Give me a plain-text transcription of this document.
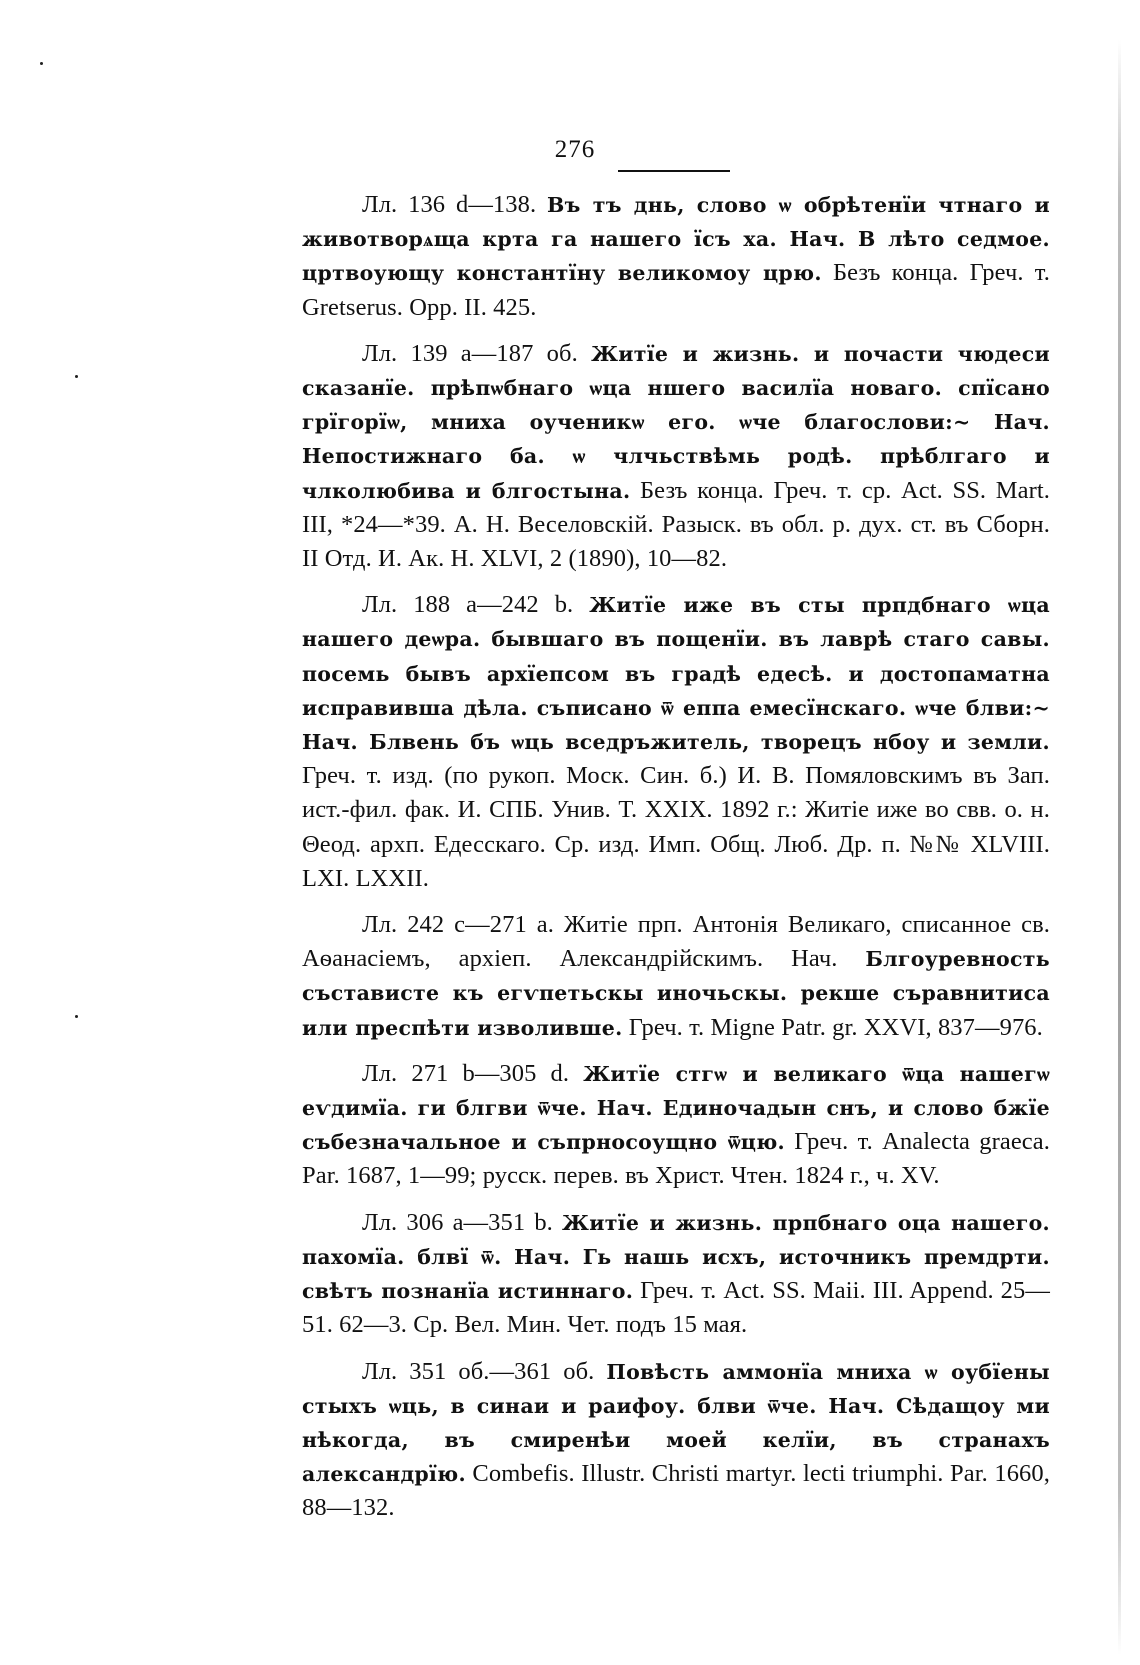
276

Лл. 136 d—138. Въ тъ днь, слово ѡ обрѣтенїи чтнаго и животворѧща крта га нашего їсъ ха. Нач. В лѣто седмое. цртвоующу константїну великомоу црю. Безъ конца. Греч. т. Gretserus. Opp. II. 425.

Лл. 139 а—187 об. Житїе и жизнь. и почасти чюдеси сказанїе. прѣпѡбнаго ѡца ншего василїа новаго. спїсано грїгорїѡ, мниха оученикѡ его. ѡче благослови:~ Нач. Непостижнаго ба. ѡ члчьствѣмь родѣ. прѣблгаго и члколюбива и блгостына. Безъ конца. Греч. т. ср. Act. SS. Mart. III, *24—*39. А. Н. Веселовскій. Разыск. въ обл. р. дух. ст. въ Сборн. II Отд. И. Ак. Н. XLVI, 2 (1890), 10—82.

Лл. 188 а—242 b. Житїе иже въ сты прпдбнаго ѡца нашего деѡра. бывшаго въ пощенїи. въ лаврѣ стаго савы. посемь бывъ архїепсом въ градѣ едесѣ. и достопаматна исправивша дѣла. съписано ѿ еппа емесїнскаго. ѡче блви:~ Нач. Блвень бъ ѡць вседръжитель, творецъ нбоу и земли. Греч. т. изд. (по рукоп. Моск. Син. б.) И. В. Помяловскимъ въ Зап. ист.-фил. фак. И. СПБ. Унив. Т. XXIX. 1892 г.: Житіе иже во свв. о. н. Θеод. архп. Едесскаго. Ср. изд. Имп. Общ. Люб. Др. п. №№ XLVIII. LXI. LXXII.

Лл. 242 с—271 а. Житіе прп. Антонія Великаго, списанное св. Аѳанасіемъ, архіеп. Александрійскимъ. Нач. Блгоуревность състависте къ егѵпетьскы иночьскы. рекше съравнитиса или преспѣти изволивше. Греч. т. Migne Patr. gr. XXVI, 837—976.

Лл. 271 b—305 d. Житїе стгѡ и великаго ѿца нашегѡ еѵдимїа. ги блгви ѿче. Нач. Единочадын снъ, и слово бжїе събезначальное и съпрносоущно ѿцю. Греч. т. Analecta graeca. Par. 1687, 1—99; русск. перев. въ Христ. Чтен. 1824 г., ч. XV.

Лл. 306 а—351 b. Житїе и жизнь. прпбнаго оца нашего. пахомїа. блвї ѿ. Нач. Гь нашь исхъ, источникъ премдрти. свѣтъ познанїа истиннаго. Греч. т. Act. SS. Maii. III. Append. 25—51. 62—3. Ср. Вел. Мин. Чет. подъ 15 мая.

Лл. 351 об.—361 об. Повѣсть аммонїа мниха ѡ оубїены стыхъ ѡць, в синаи и раифоу. блви ѿче. Нач. Сѣдащоу ми нѣкогда, въ смиренѣи моей келїи, въ странахъ александрїю. Combefis. Illustr. Christi martyr. lecti triumphi. Par. 1660, 88—132.
